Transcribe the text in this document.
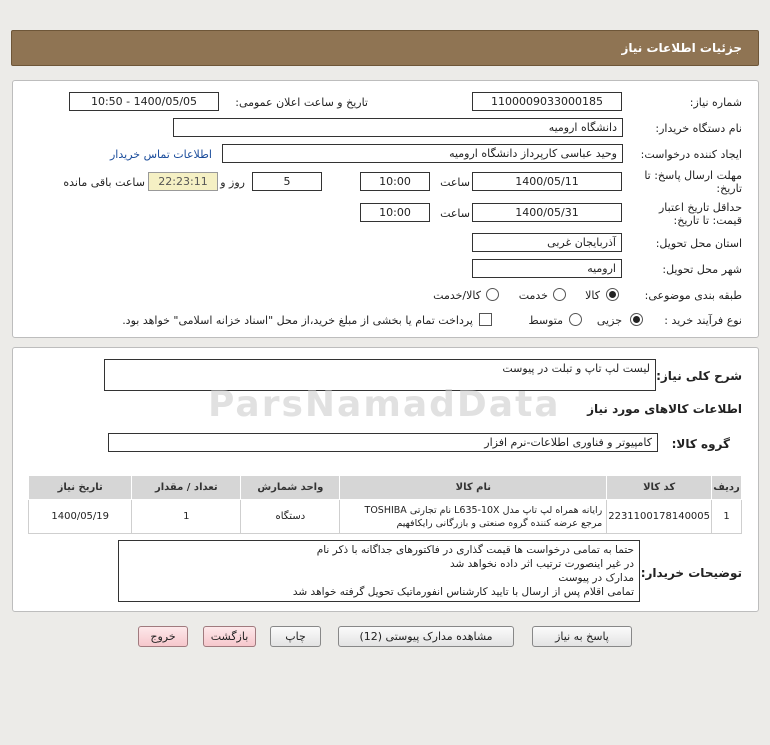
جزئیات اطلاعات نیاز
شماره نیاز:
1100009033000185
تاریخ و ساعت اعلان عمومی:
1400/05/05 - 10:50
نام دستگاه خریدار:
دانشگاه ارومیه
ایجاد کننده درخواست:
وحید عباسی کارپرداز دانشگاه ارومیه
اطلاعات تماس خریدار
مهلت ارسال پاسخ: تا
تاریخ:
1400/05/11
ساعت
10:00
5
روز و
22:23:11
ساعت باقی مانده
حداقل تاریخ اعتبار
قیمت: تا تاریخ:
1400/05/31
ساعت
10:00
استان محل تحویل:
آذربایجان غربی
شهر محل تحویل:
ارومیه
طبقه بندی موضوعی:
کالا
خدمت
کالا/خدمت
نوع فرآیند خرید :
جزیی
متوسط
پرداخت تمام یا بخشی از مبلغ خرید،از محل "اسناد خزانه اسلامی" خواهد بود.
شرح کلی نیاز:
لیست لپ تاپ و تبلت در پیوست
اطلاعات کالاهای مورد نیاز
گروه کالا:
کامپیوتر و فناوری اطلاعات-نرم افزار
ردیف	کد کالا	نام کالا	واحد شمارش	تعداد / مقدار	تاریخ نیاز
1	2231100178140005	رایانه همراه لپ تاپ مدل L635-10X نام تجارتی TOSHIBA
مرجع عرضه کننده گروه صنعتی و بازرگانی رایکافهیم	دستگاه	1	1400/05/19
توضیحات خریدار:
حتما به تمامی درخواست ها قیمت گذاری در فاکتورهای جداگانه با ذکر نام
در غیر اینصورت ترتیب اثر داده نخواهد شد
مدارک در پیوست
تمامی اقلام پس از ارسال با تایید کارشناس انفورماتیک تحویل گرفته خواهد شد
پاسخ به نیاز
مشاهده مدارک پیوستی (12)
چاپ
بازگشت
خروج
ParsNamadData
